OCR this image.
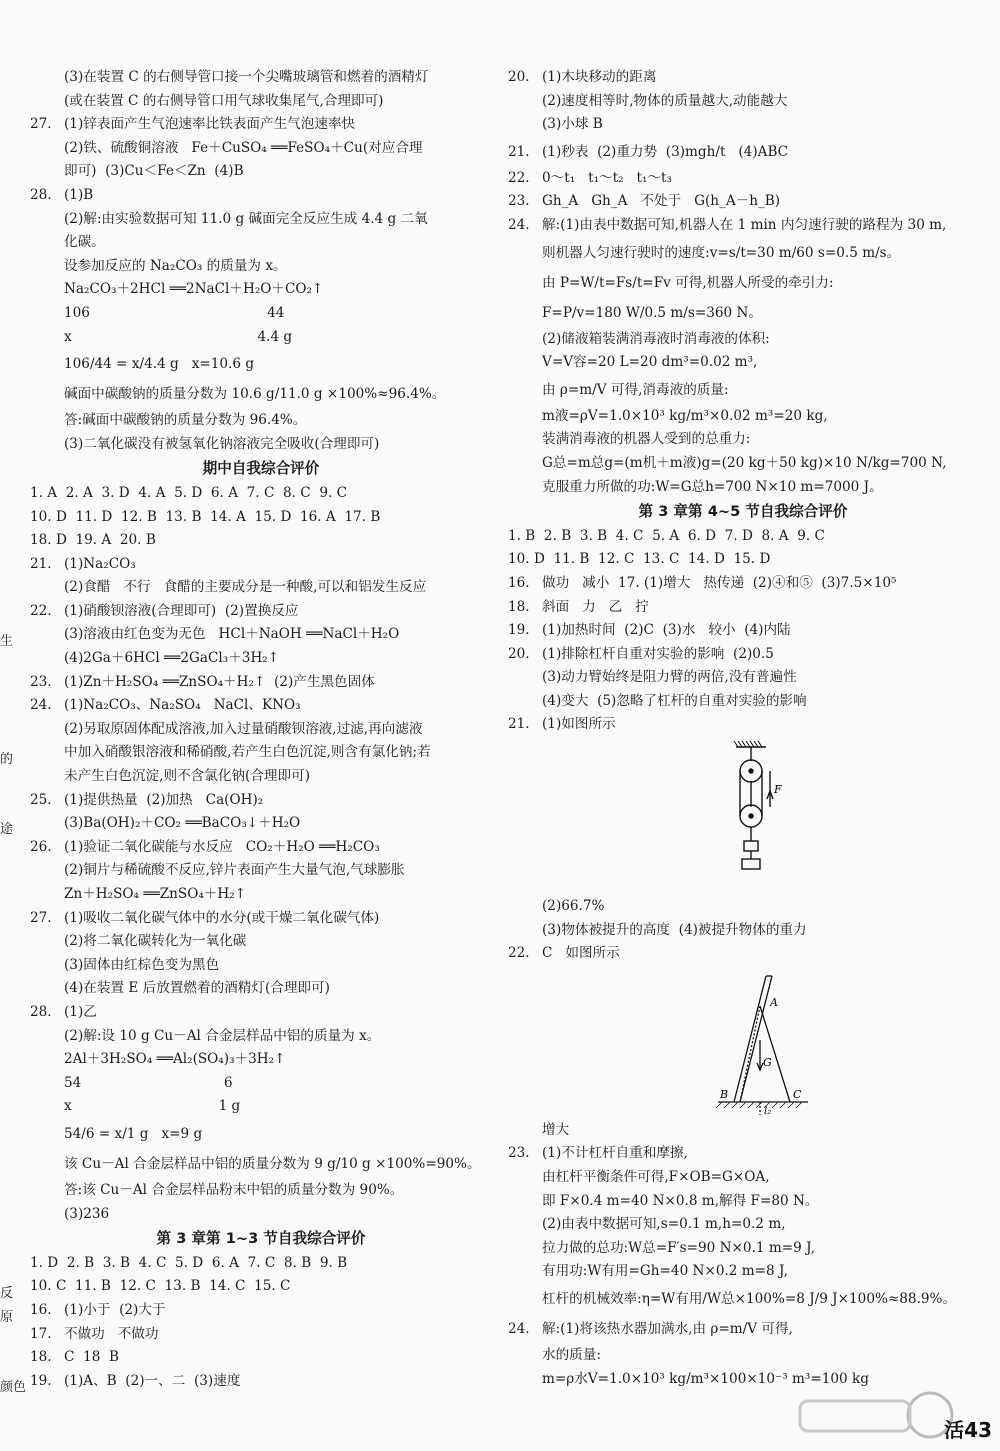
(3)在装置 C 的右侧导管口接一个尖嘴玻璃管和燃着的酒精灯
(或在装置 C 的右侧导管口用气球收集尾气,合理即可)
27. (1)锌表面产生气泡速率比铁表面产生气泡速率快
(2)铁、硫酸铜溶液   Fe＋CuSO₄ ══FeSO₄＋Cu(对应合理
即可)  (3)Cu＜Fe＜Zn  (4)B
28. (1)B
(2)解:由实验数据可知 11.0 g 碱面完全反应生成 4.4 g 二氧
化碳。
设参加反应的 Na₂CO₃ 的质量为 x。
Na₂CO₃＋2HCl ══2NaCl＋H₂O＋CO₂↑
106                                         44
x                                           4.4 g
106/44 = x/4.4 g   x=10.6 g
碱面中碳酸钠的质量分数为 10.6 g/11.0 g ×100%≈96.4%。
答:碱面中碳酸钠的质量分数为 96.4%。
(3)二氧化碳没有被氢氧化钠溶液完全吸收(合理即可)
期中自我综合评价
1. A  2. A  3. D  4. A  5. D  6. A  7. C  8. C  9. C
10. D  11. D  12. B  13. B  14. A  15. D  16. A  17. B
18. D  19. A  20. B
21. (1)Na₂CO₃
(2)食醋   不行   食醋的主要成分是一种酸,可以和铝发生反应
22. (1)硝酸钡溶液(合理即可)  (2)置换反应
(3)溶液由红色变为无色   HCl＋NaOH ══NaCl＋H₂O
(4)2Ga＋6HCl ══2GaCl₃＋3H₂↑
23. (1)Zn＋H₂SO₄ ══ZnSO₄＋H₂↑  (2)产生黑色固体
24. (1)Na₂CO₃、Na₂SO₄   NaCl、KNO₃
(2)另取原固体配成溶液,加入过量硝酸钡溶液,过滤,再向滤液
中加入硝酸银溶液和稀硝酸,若产生白色沉淀,则含有氯化钠;若
未产生白色沉淀,则不含氯化钠(合理即可)
25. (1)提供热量  (2)加热   Ca(OH)₂
(3)Ba(OH)₂＋CO₂ ══BaCO₃↓＋H₂O
26. (1)验证二氧化碳能与水反应   CO₂＋H₂O ══H₂CO₃
(2)铜片与稀硫酸不反应,锌片表面产生大量气泡,气球膨胀
Zn＋H₂SO₄ ══ZnSO₄＋H₂↑
27. (1)吸收二氧化碳气体中的水分(或干燥二氧化碳气体)
(2)将二氧化碳转化为一氧化碳
(3)固体由红棕色变为黑色
(4)在装置 E 后放置燃着的酒精灯(合理即可)
28. (1)乙
(2)解:设 10 g Cu－Al 合金层样品中铝的质量为 x。
2Al＋3H₂SO₄ ══Al₂(SO₄)₃＋3H₂↑
54                                 6
x                                  1 g
54/6 = x/1 g   x=9 g
该 Cu－Al 合金层样品中铝的质量分数为 9 g/10 g ×100%=90%。
答:该 Cu－Al 合金层样品粉末中铝的质量分数为 90%。
(3)236
第 3 章第 1~3 节自我综合评价
1. D  2. B  3. B  4. C  5. D  6. A  7. C  8. B  9. B
10. C  11. B  12. C  13. B  14. C  15. C
16. (1)小于  (2)大于
17. 不做功   不做功
18. C  18  B
19. (1)A、B  (2)一、二  (3)速度
20. (1)木块移动的距离
(2)速度相等时,物体的质量越大,动能越大
(3)小球 B
21. (1)秒表  (2)重力势  (3)mgh/t   (4)ABC
22. 0～t₁   t₁～t₂   t₁～t₃
23. Gh_A   Gh_A   不处于   G(h_A－h_B)
24. 解:(1)由表中数据可知,机器人在 1 min 内匀速行驶的路程为 30 m,
则机器人匀速行驶时的速度:v=s/t=30 m/60 s=0.5 m/s。
由 P=W/t=Fs/t=Fv 可得,机器人所受的牵引力:
F=P/v=180 W/0.5 m/s=360 N。
(2)储液箱装满消毒液时消毒液的体积:
V=V容=20 L=20 dm³=0.02 m³,
由 ρ=m/V 可得,消毒液的质量:
m液=ρV=1.0×10³ kg/m³×0.02 m³=20 kg,
装满消毒液的机器人受到的总重力:
G总=m总g=(m机＋m液)g=(20 kg＋50 kg)×10 N/kg=700 N,
克服重力所做的功:W=G总h=700 N×10 m=7000 J。
第 3 章第 4~5 节自我综合评价
1. B  2. B  3. B  4. C  5. A  6. D  7. D  8. A  9. C
10. D  11. B  12. C  13. C  14. D  15. D
16. 做功   减小  17. (1)增大   热传递  (2)④和⑤  (3)7.5×10⁵
18. 斜面   力   乙   拧
19. (1)加热时间  (2)C  (3)水   较小  (4)内陆
20. (1)排除杠杆自重对实验的影响  (2)0.5
(3)动力臂始终是阻力臂的两倍,没有普遍性
(4)变大  (5)忽略了杠杆的自重对实验的影响
21. (1)如图所示
F
(2)66.7%
(3)物体被提升的高度  (4)被提升物体的重力
22. C   如图所示
A
G
B	C
l₂
增大
23. (1)不计杠杆自重和摩擦,
由杠杆平衡条件可得,F×OB=G×OA,
即 F×0.4 m=40 N×0.8 m,解得 F=80 N。
(2)由表中数据可知,s=0.1 m,h=0.2 m,
拉力做的总功:W总=F′s=90 N×0.1 m=9 J,
有用功:W有用=Gh=40 N×0.2 m=8 J,
杠杆的机械效率:η=W有用/W总×100%=8 J/9 J×100%≈88.9%。
24. 解:(1)将该热水器加满水,由 ρ=m/V 可得,
水的质量:
m=ρ水V=1.0×10³ kg/m³×100×10⁻³ m³=100 kg
生
的
途
反
原
颜色
活43
